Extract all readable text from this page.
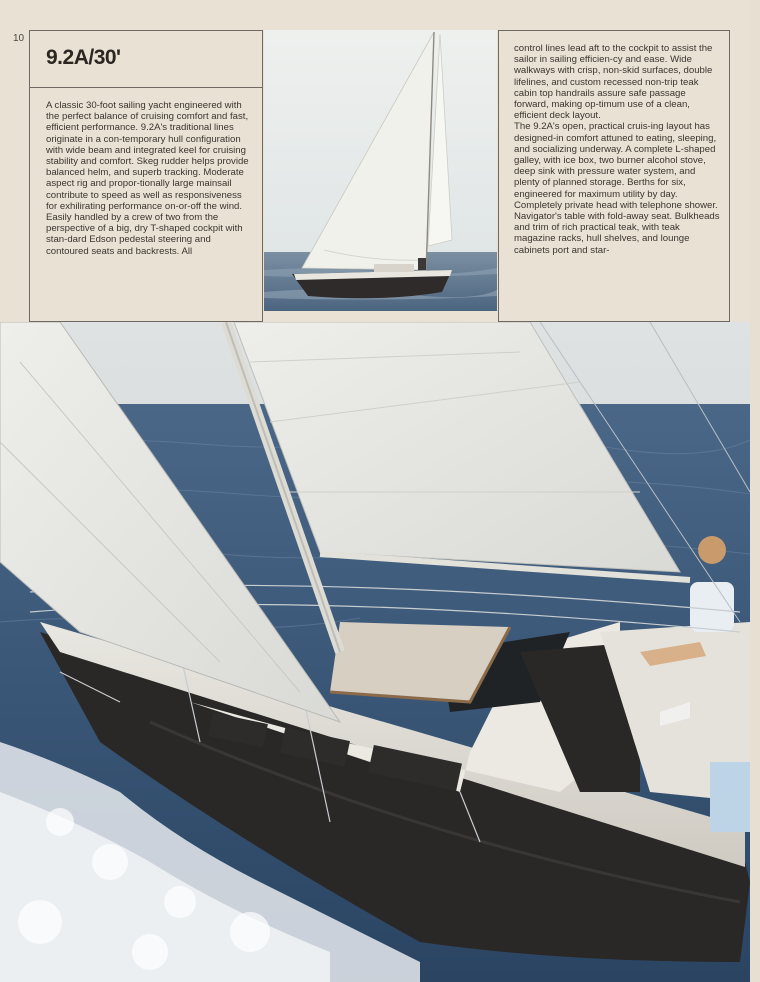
10
9.2A/30'
A classic 30-foot sailing yacht engineered with the perfect balance of cruising comfort and fast, efficient performance. 9.2A's traditional lines originate in a con-temporary hull configuration with wide beam and integrated keel for cruising stability and comfort. Skeg rudder helps provide balanced helm, and superb tracking. Moderate aspect rig and propor-tionally large mainsail contribute to speed as well as responsiveness for exhilirating performance on-or-off the wind. Easily handled by a crew of two from the perspective of a big, dry T-shaped cockpit with stan-dard Edson pedestal steering and contoured seats and backrests. All
control lines lead aft to the cockpit to assist the sailor in sailing efficien-cy and ease. Wide walkways with crisp, non-skid surfaces, double lifelines, and custom recessed non-trip teak cabin top handrails assure safe passage forward, making op-timum use of a clean, efficient deck layout.
The 9.2A's open, practical cruis-ing layout has designed-in comfort attuned to eating, sleeping, and socializing underway. A complete L-shaped galley, with ice box, two burner alcohol stove, deep sink with pressure water system, and plenty of planned storage. Berths for six, engineered for maximum utility by day. Completely private head with telephone shower. Navigator's table with fold-away seat. Bulkheads and trim of rich practical teak, with teak magazine racks, hull shelves, and lounge cabinets port and star-
